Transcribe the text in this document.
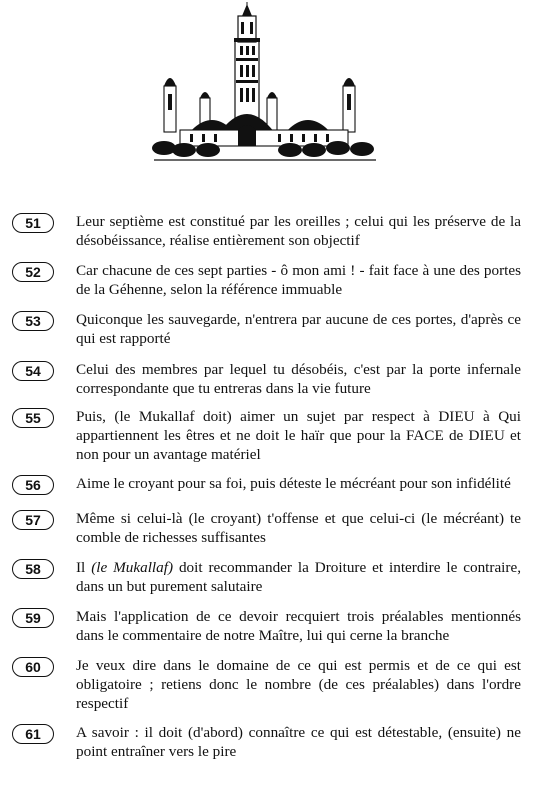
51	Leur septième est constitué par les oreilles ; celui qui les préserve de la désobéissance, réalise entièrement son objectif
52	Car chacune de ces sept parties - ô mon ami ! - fait face à une des portes de la Géhenne, selon la référence immuable
53	Quiconque les sauvegarde, n'entrera par aucune de ces portes, d'après ce qui est rapporté
54	Celui des membres par lequel tu désobéis, c'est par la porte infernale correspondante que tu entreras dans la vie future
55	Puis, (le Mukallaf doit) aimer un sujet par respect à DIEU à Qui appartiennent les êtres et ne doit le haïr que pour la FACE de DIEU et non pour un avantage matériel
56	Aime le croyant pour sa foi, puis déteste le mécréant pour son infidélité
57	Même si celui-là (le croyant) t'offense et que celui-ci (le mécréant) te comble de richesses suffisantes
58	Il (le Mukallaf) doit recommander la Droiture et interdire le contraire, dans un but purement salutaire
59	Mais l'application de ce devoir recquiert trois préalables mentionnés dans le commentaire de notre Maître, lui qui cerne la branche
60	Je veux dire dans le domaine de ce qui est permis et de ce qui est obligatoire ; retiens donc le nombre (de ces préalables) dans l'ordre respectif
61	A savoir : il doit (d'abord) connaître ce qui est détestable, (ensuite) ne point entraîner vers le pire
